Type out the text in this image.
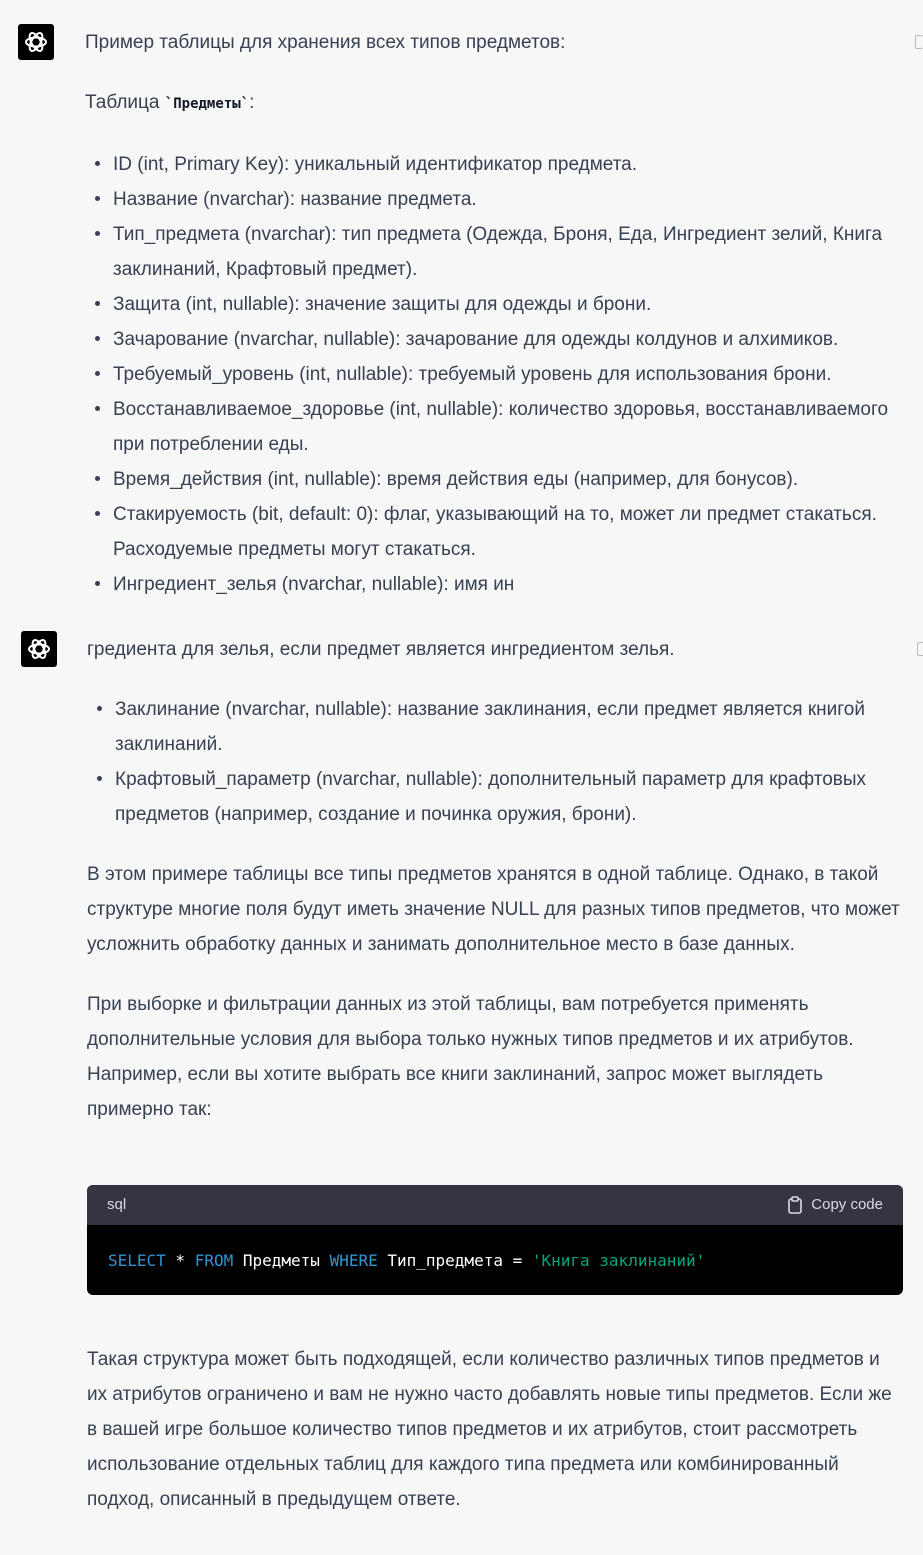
Пример таблицы для хранения всех типов предметов:

Таблица `Предметы`:

ID (int, Primary Key): уникальный идентификатор предмета.
Название (nvarchar): название предмета.
Тип_предмета (nvarchar): тип предмета (Одежда, Броня, Еда, Ингредиент зелий, Книга заклинаний, Крафтовый предмет).
Защита (int, nullable): значение защиты для одежды и брони.
Зачарование (nvarchar, nullable): зачарование для одежды колдунов и алхимиков.
Требуемый_уровень (int, nullable): требуемый уровень для использования брони.
Восстанавливаемое_здоровье (int, nullable): количество здоровья, восстанавливаемого при потреблении еды.
Время_действия (int, nullable): время действия еды (например, для бонусов).
Стакируемость (bit, default: 0): флаг, указывающий на то, может ли предмет стакаться. Расходуемые предметы могут стакаться.
Ингредиент_зелья (nvarchar, nullable): имя ин

гредиента для зелья, если предмет является ингредиентом зелья.

Заклинание (nvarchar, nullable): название заклинания, если предмет является книгой заклинаний.
Крафтовый_параметр (nvarchar, nullable): дополнительный параметр для крафтовых предметов (например, создание и починка оружия, брони).

В этом примере таблицы все типы предметов хранятся в одной таблице. Однако, в такой структуре многие поля будут иметь значение NULL для разных типов предметов, что может усложнить обработку данных и занимать дополнительное место в базе данных.

При выборке и фильтрации данных из этой таблицы, вам потребуется применять дополнительные условия для выбора только нужных типов предметов и их атрибутов. Например, если вы хотите выбрать все книги заклинаний, запрос может выглядеть примерно так:

sql	Copy code
SELECT * FROM Предметы WHERE Тип_предмета = 'Книга заклинаний'

Такая структура может быть подходящей, если количество различных типов предметов и их атрибутов ограничено и вам не нужно часто добавлять новые типы предметов. Если же в вашей игре большое количество типов предметов и их атрибутов, стоит рассмотреть использование отдельных таблиц для каждого типа предмета или комбинированный подход, описанный в предыдущем ответе.
